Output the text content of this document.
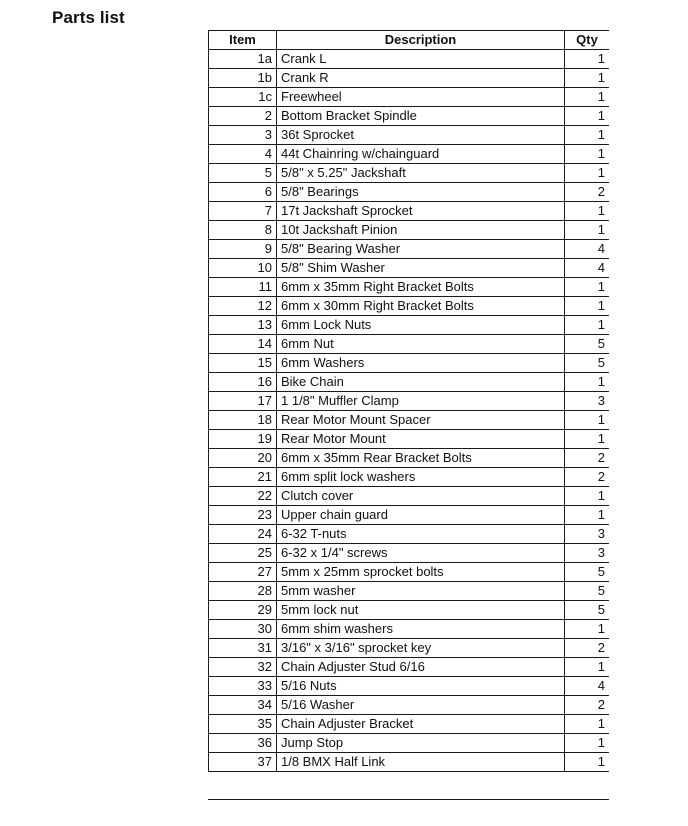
Parts list
Item	Description	Qty
1a	Crank L	1
1b	Crank R	1
1c	Freewheel	1
2	Bottom Bracket Spindle	1
3	36t Sprocket	1
4	44t Chainring w/chainguard	1
5	5/8" x 5.25" Jackshaft	1
6	5/8" Bearings	2
7	17t Jackshaft Sprocket	1
8	10t Jackshaft Pinion	1
9	5/8" Bearing Washer	4
10	5/8" Shim Washer	4
11	6mm x 35mm Right Bracket Bolts	1
12	6mm x 30mm Right Bracket Bolts	1
13	6mm Lock Nuts	1
14	6mm Nut	5
15	6mm Washers	5
16	Bike Chain	1
17	1 1/8" Muffler Clamp	3
18	Rear Motor Mount Spacer	1
19	Rear Motor Mount	1
20	6mm x 35mm Rear Bracket Bolts	2
21	6mm split lock washers	2
22	Clutch cover	1
23	Upper chain guard	1
24	6-32 T-nuts	3
25	6-32 x 1/4" screws	3
27	5mm x 25mm sprocket bolts	5
28	5mm washer	5
29	5mm lock nut	5
30	6mm shim washers	1
31	3/16" x 3/16" sprocket key	2
32	Chain Adjuster Stud 6/16	1
33	5/16 Nuts	4
34	5/16 Washer	2
35	Chain Adjuster Bracket	1
36	Jump Stop	1
37	1/8 BMX Half Link	1
